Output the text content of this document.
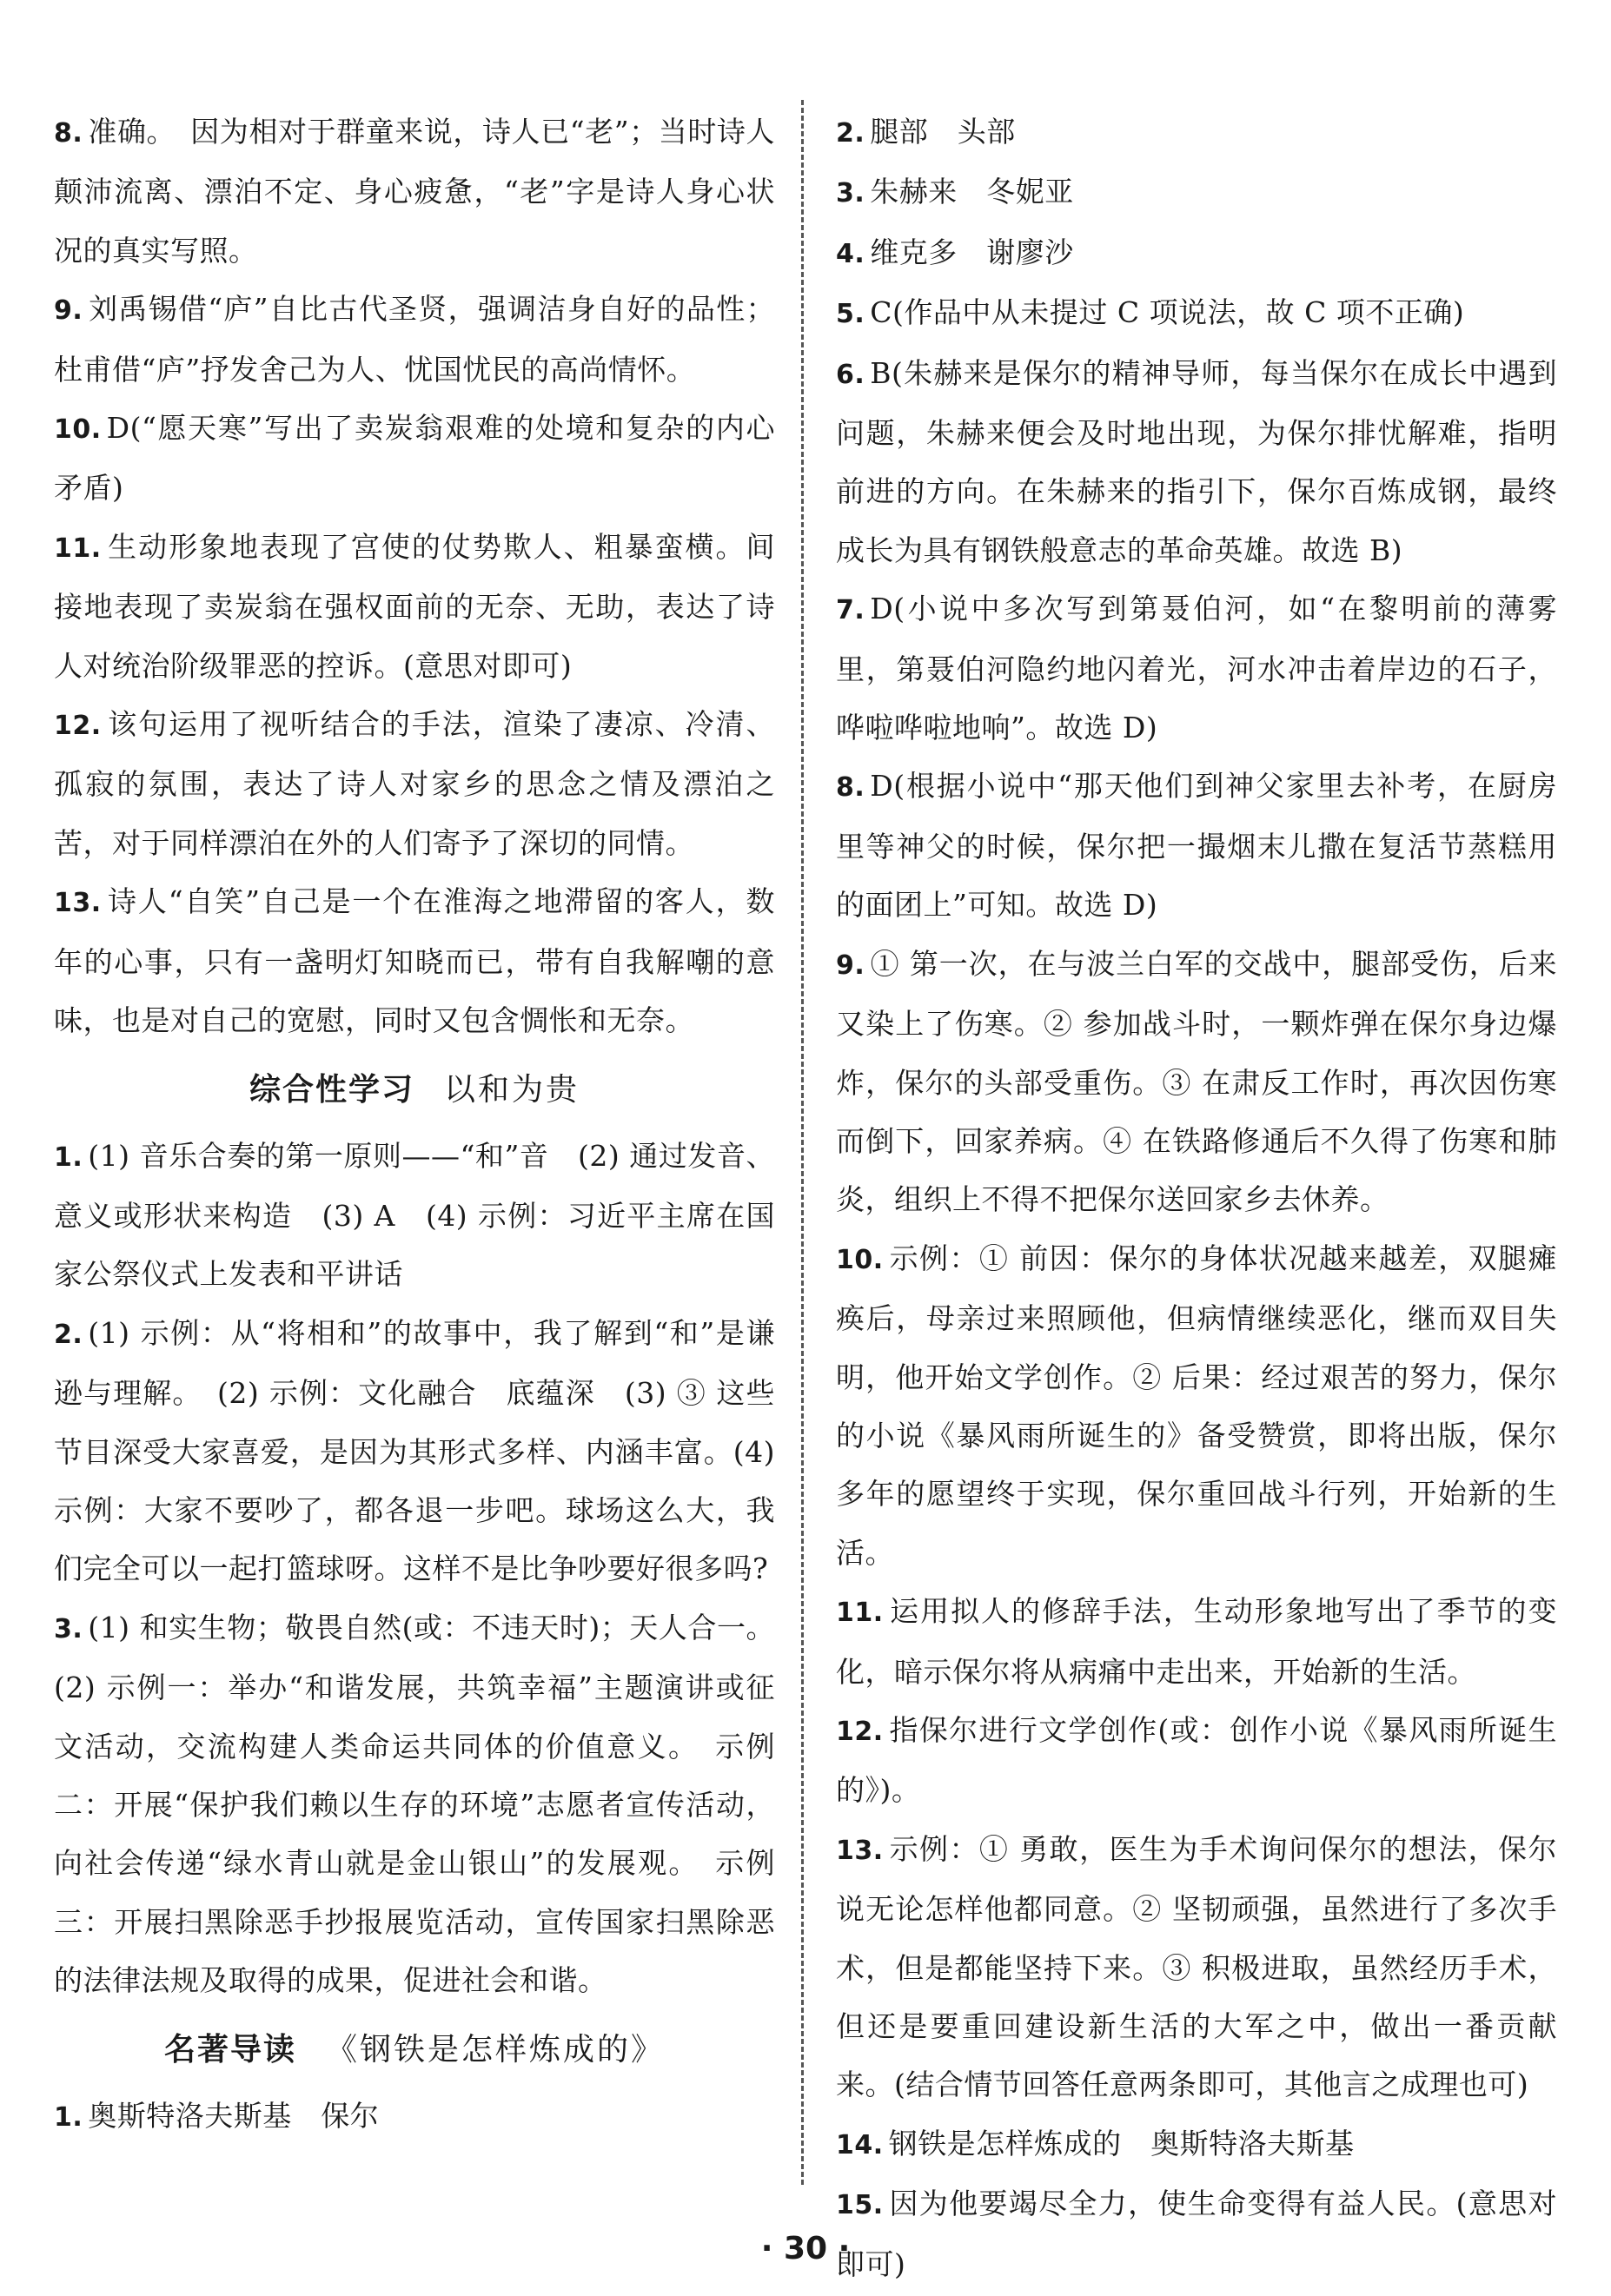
8. 准确。　因为相对于群童来说，诗人已“老”；当时诗人颠沛流离、漂泊不定、身心疲惫，“老”字是诗人身心状况的真实写照。

9. 刘禹锡借“庐”自比古代圣贤，强调洁身自好的品性；杜甫借“庐”抒发舍己为人、忧国忧民的高尚情怀。

10. D(“愿天寒”写出了卖炭翁艰难的处境和复杂的内心矛盾)

11. 生动形象地表现了宫使的仗势欺人、粗暴蛮横。间接地表现了卖炭翁在强权面前的无奈、无助，表达了诗人对统治阶级罪恶的控诉。(意思对即可)

12. 该句运用了视听结合的手法，渲染了凄凉、冷清、孤寂的氛围，表达了诗人对家乡的思念之情及漂泊之苦，对于同样漂泊在外的人们寄予了深切的同情。

13. 诗人“自笑”自己是一个在淮海之地滞留的客人，数年的心事，只有一盏明灯知晓而已，带有自我解嘲的意味，也是对自己的宽慰，同时又包含惆怅和无奈。

综合性学习 以和为贵

1. (1) 音乐合奏的第一原则——“和”音　(2) 通过发音、意义或形状来构造　(3) A　(4) 示例：习近平主席在国家公祭仪式上发表和平讲话

2. (1) 示例：从“将相和”的故事中，我了解到“和”是谦逊与理解。　(2) 示例：文化融合　底蕴深　(3) ③ 这些节目深受大家喜爱，是因为其形式多样、内涵丰富。(4) 示例：大家不要吵了，都各退一步吧。球场这么大，我们完全可以一起打篮球呀。这样不是比争吵要好很多吗?

3. (1) 和实生物；敬畏自然(或：不违天时)；天人合一。(2) 示例一：举办“和谐发展，共筑幸福”主题演讲或征文活动，交流构建人类命运共同体的价值意义。　示例二：开展“保护我们赖以生存的环境”志愿者宣传活动，向社会传递“绿水青山就是金山银山”的发展观。　示例三：开展扫黑除恶手抄报展览活动，宣传国家扫黑除恶的法律法规及取得的成果，促进社会和谐。

名著导读 《钢铁是怎样炼成的》

1. 奥斯特洛夫斯基　保尔

2. 腿部　头部

3. 朱赫来　冬妮亚

4. 维克多　谢廖沙

5. C(作品中从未提过 C 项说法，故 C 项不正确)

6. B(朱赫来是保尔的精神导师，每当保尔在成长中遇到问题，朱赫来便会及时地出现，为保尔排忧解难，指明前进的方向。在朱赫来的指引下，保尔百炼成钢，最终成长为具有钢铁般意志的革命英雄。故选 B)

7. D(小说中多次写到第聂伯河，如“在黎明前的薄雾里，第聂伯河隐约地闪着光，河水冲击着岸边的石子，哗啦哗啦地响”。故选 D)

8. D(根据小说中“那天他们到神父家里去补考，在厨房里等神父的时候，保尔把一撮烟末儿撒在复活节蒸糕用的面团上”可知。故选 D)

9. ① 第一次，在与波兰白军的交战中，腿部受伤，后来又染上了伤寒。② 参加战斗时，一颗炸弹在保尔身边爆炸，保尔的头部受重伤。③ 在肃反工作时，再次因伤寒而倒下，回家养病。④ 在铁路修通后不久得了伤寒和肺炎，组织上不得不把保尔送回家乡去休养。

10. 示例：① 前因：保尔的身体状况越来越差，双腿瘫痪后，母亲过来照顾他，但病情继续恶化，继而双目失明，他开始文学创作。② 后果：经过艰苦的努力，保尔的小说《暴风雨所诞生的》备受赞赏，即将出版，保尔多年的愿望终于实现，保尔重回战斗行列，开始新的生活。

11. 运用拟人的修辞手法，生动形象地写出了季节的变化，暗示保尔将从病痛中走出来，开始新的生活。

12. 指保尔进行文学创作(或：创作小说《暴风雨所诞生的》)。

13. 示例：① 勇敢，医生为手术询问保尔的想法，保尔说无论怎样他都同意。② 坚韧顽强，虽然进行了多次手术，但是都能坚持下来。③ 积极进取，虽然经历手术，但还是要重回建设新生活的大军之中，做出一番贡献来。(结合情节回答任意两条即可，其他言之成理也可)

14. 钢铁是怎样炼成的　奥斯特洛夫斯基

15. 因为他要竭尽全力，使生命变得有益人民。(意思对即可)

· 30 ·
